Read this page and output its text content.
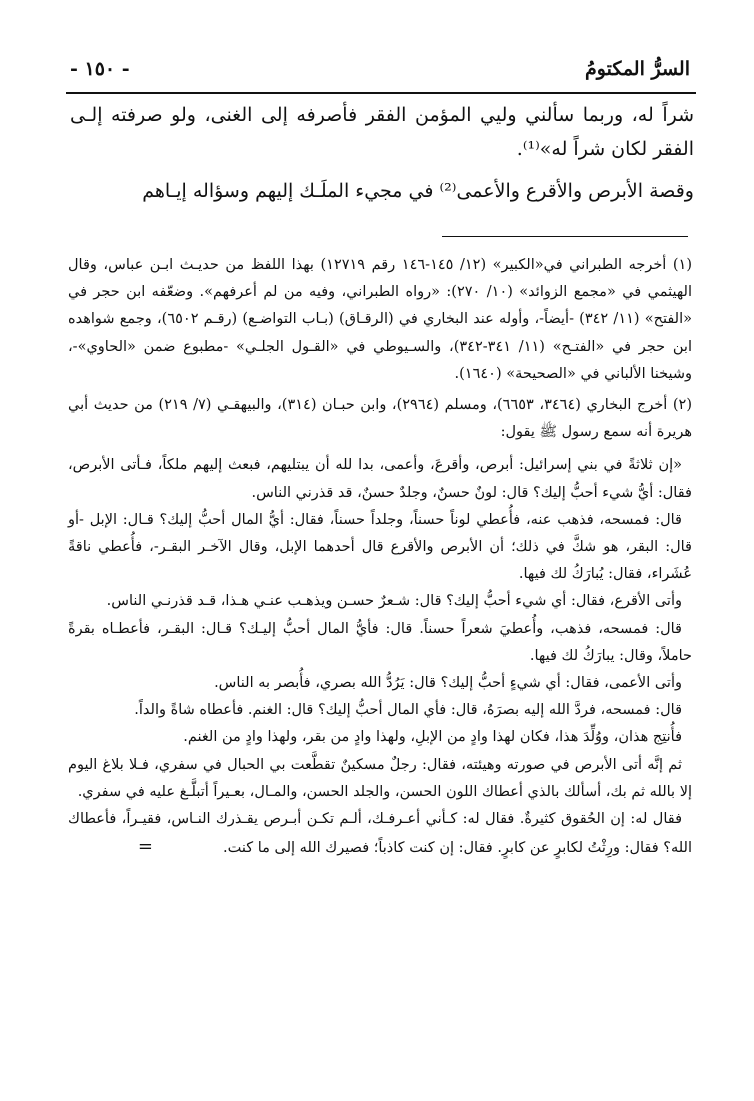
السرُّ المكتومُ
- ١٥٠ -

شراً له، وربما سألني وليي المؤمن الفقر فأصرفه إلى الغنى، ولو صرفته إلـى الفقر لكان شراً له»⁽¹⁾.

وقصة الأبرص والأقرع والأعمى⁽²⁾ في مجيء الملَـك إليهم وسؤاله إيـاهم

(١) أخرجه الطبراني في«الكبير» (١٢/ ١٤٥-١٤٦ رقم ١٢٧١٩) بهذا اللفظ من حديـث ابـن عباس، وقال الهيثمي في «مجمع الزوائد» (١٠/ ٢٧٠): «رواه الطبراني، وفيه من لم أعرفهم». وضعّفه ابن حجر في «الفتح» (١١/ ٣٤٢) -أيضاً-، وأوله عند البخاري في (الرقـاق) (بـاب التواضـع) (رقـم ٦٥٠٢)، وجمع شواهده ابن حجر في «الفتـح» (١١/ ٣٤١-٣٤٢)، والسـيوطي في «القـول الجلـي» -مطبوع ضمن «الحاوي»-، وشيخنا الألباني في «الصحيحة» (١٦٤٠).

(٢) أخرج البخاري (٣٤٦٤، ٦٦٥٣)، ومسلم (٢٩٦٤)، وابن حبـان (٣١٤)، والبيهقـي (٧/ ٢١٩) من حديث أبي هريرة أنه سمع رسول ﷺ يقول:

«إن ثلاثةً في بني إسرائيل: أبرص، وأقرعَ، وأعمى، بدا لله أن يبتليهم، فبعث إليهم ملكاً، فـأتى الأبرص، فقال: أيُّ شيء أحبُّ إليك؟ قال: لونٌ حسنٌ، وجلدٌ حسنٌ، قد قذرني الناس.

قال: فمسحه، فذهب عنه، فأُعطي لوناً حسناً، وجلداً حسناً، فقال: أيُّ المال أحبُّ إليك؟ قـال: الإبل -أو قال: البقر، هو شكَّ في ذلك؛ أن الأبرص والأقرع قال أحدهما الإبل، وقال الآخـر البقـر-، فأُعطي ناقةً عُشَراء، فقال: يُبارَكُ لك فيها.

وأتى الأقرع، فقال: أي شيء أحبُّ إليك؟ قال: شـعرٌ حسـن ويذهـب عنـي هـذا، قـد قذرنـي الناس.

قال: فمسحه، فذهب، وأُعطيَ شعراً حسناً. قال: فأيُّ المال أحبُّ إليـك؟ قـال: البقـر، فأعطـاه بقرةً حاملاً، وقال: يبارَكُ لك فيها.

وأتى الأعمى، فقال: أي شيءٍ أحبُّ إليك؟ قال: يَرُدُّ الله بصري، فأُبصر به الناس.

قال: فمسحه، فردَّ الله إليه بصرَهُ، قال: فأي المال أحبُّ إليك؟ قال: الغنم. فأعطاه شاةً والداً.

فأُنتِج هذان، ووُلِّدَ هذا، فكان لهذا وادٍ من الإبلِ، ولهذا وادٍ من بقر، ولهذا وادٍ من الغنم.

ثم إنَّه أتى الأبرص في صورته وهيئته، فقال: رجلٌ مسكينٌ تقطَّعت بي الحبال في سفري، فـلا بلاغ اليوم إلا بالله ثم بك، أسألك بالذي أعطاك اللون الحسن، والجلد الحسن، والمـال، بعـيراً أتبلَّـغ عليه في سفري.

فقال له: إن الحُقوق كثيرةٌ. فقال له: كـأني أعـرفـك، ألـم تكـن أبـرص يقـذرك النـاس، فقيـراً، فأعطاك الله؟ فقال: ورِثْتُ لكابرٍ عن كابرٍ. فقال: إن كنت كاذباً؛ فصيرك الله إلى ما كنت.=
